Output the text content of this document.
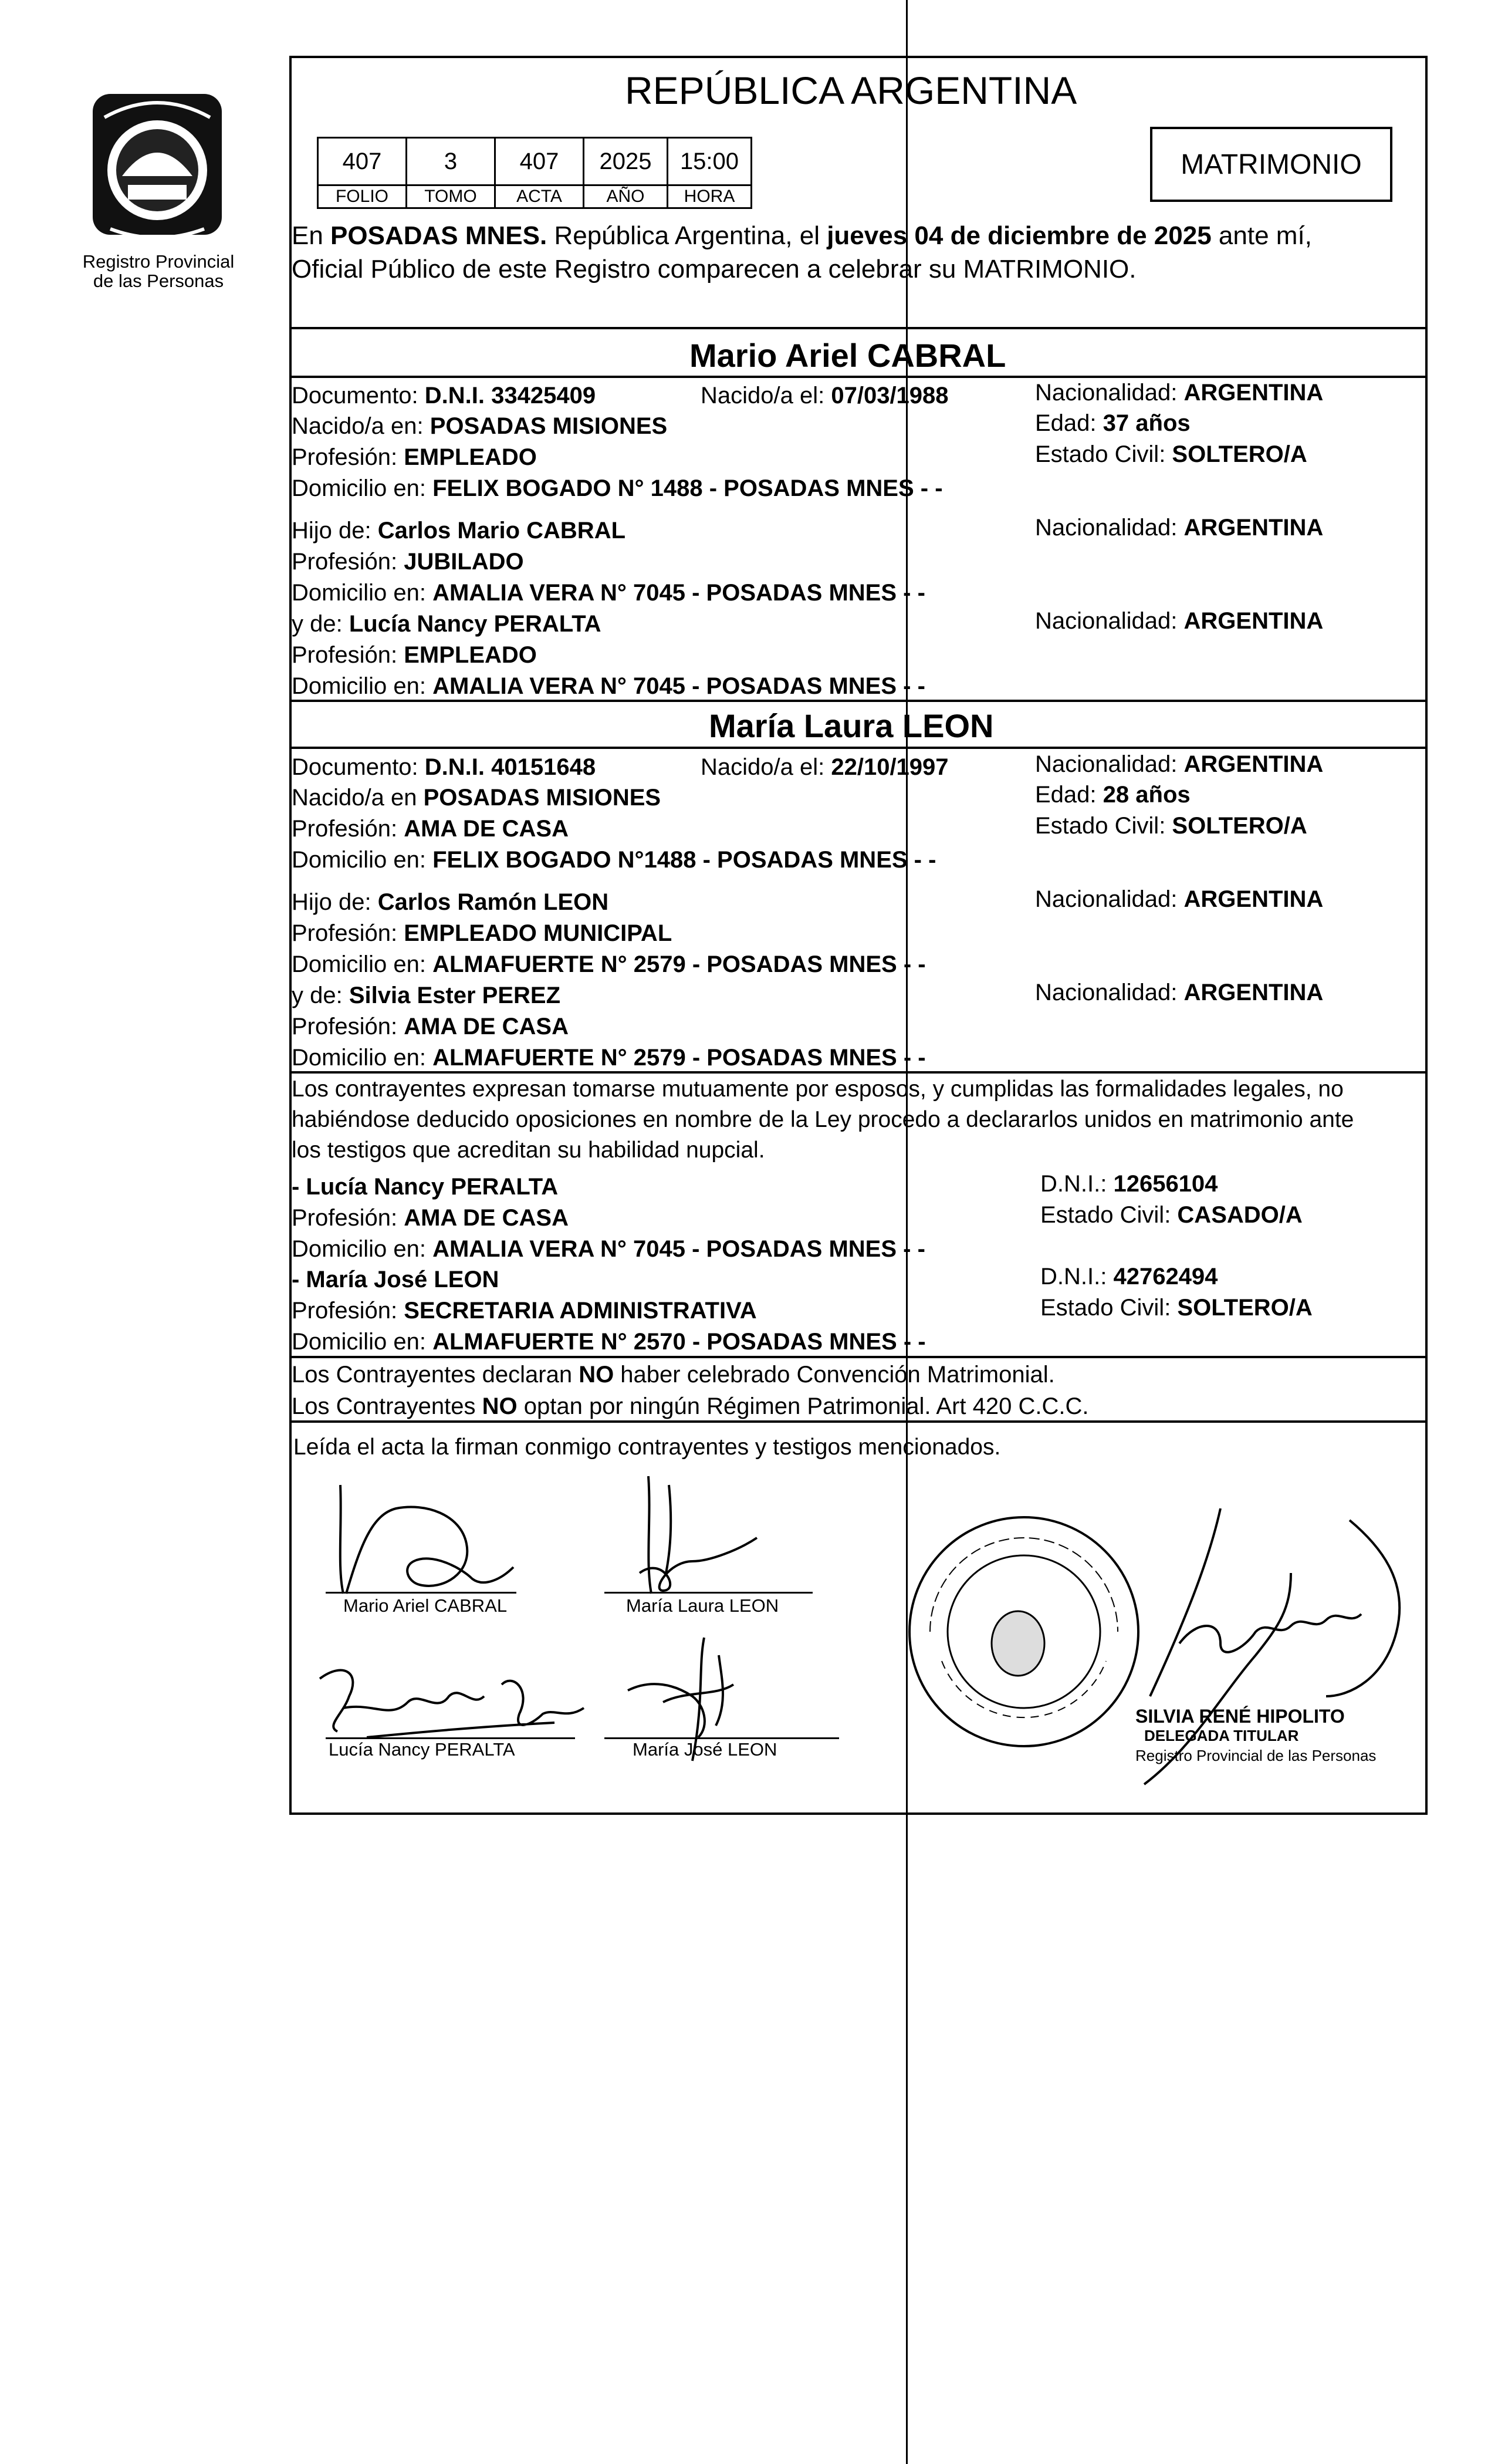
Registro Provincial
de las Personas
REPÚBLICA ARGENTINA
407	3	407	2025	15:00
FOLIO	TOMO	ACTA	AÑO	HORA
MATRIMONIO
En POSADAS MNES. República Argentina, el jueves 04 de diciembre de 2025 ante mí,
Oficial Público de este Registro comparecen a celebrar su MATRIMONIO.
Mario Ariel CABRAL
Documento: D.N.I. 33425409	Nacido/a el: 07/03/1988	Nacionalidad: ARGENTINA
Nacido/a en: POSADAS MISIONES	Edad: 37 años
Profesión: EMPLEADO	Estado Civil: SOLTERO/A
Domicilio en: FELIX BOGADO N° 1488 - POSADAS MNES - -
Hijo de: Carlos Mario CABRAL	Nacionalidad: ARGENTINA
Profesión: JUBILADO
Domicilio en: AMALIA VERA N° 7045 - POSADAS MNES - -
y de: Lucía Nancy PERALTA	Nacionalidad: ARGENTINA
Profesión: EMPLEADO
Domicilio en: AMALIA VERA N° 7045 - POSADAS MNES - -
María Laura LEON
Documento: D.N.I. 40151648	Nacido/a el: 22/10/1997	Nacionalidad: ARGENTINA
Nacido/a en POSADAS MISIONES	Edad: 28 años
Profesión: AMA DE CASA	Estado Civil: SOLTERO/A
Domicilio en: FELIX BOGADO N°1488 - POSADAS MNES - -
Hijo de: Carlos Ramón LEON	Nacionalidad: ARGENTINA
Profesión: EMPLEADO MUNICIPAL
Domicilio en: ALMAFUERTE N° 2579 - POSADAS MNES - -
y de: Silvia Ester PEREZ	Nacionalidad: ARGENTINA
Profesión: AMA DE CASA
Domicilio en: ALMAFUERTE N° 2579 - POSADAS MNES - -
Los contrayentes expresan tomarse mutuamente por esposos, y cumplidas las formalidades legales, no
habiéndose deducido oposiciones en nombre de la Ley procedo a declararlos unidos en matrimonio ante
los testigos que acreditan su habilidad nupcial.
- Lucía Nancy PERALTA	D.N.I.: 12656104
Profesión: AMA DE CASA	Estado Civil: CASADO/A
Domicilio en: AMALIA VERA N° 7045 - POSADAS MNES - -
- María José LEON	D.N.I.: 42762494
Profesión: SECRETARIA ADMINISTRATIVA	Estado Civil: SOLTERO/A
Domicilio en: ALMAFUERTE N° 2570 - POSADAS MNES - -
Los Contrayentes declaran NO haber celebrado Convención Matrimonial.
Los Contrayentes NO optan por ningún Régimen Patrimonial. Art 420 C.C.C.
Leída el acta la firman conmigo contrayentes y testigos mencionados.
Mario Ariel CABRAL	María Laura LEON
Lucía Nancy PERALTA	María José LEON
SILVIA RENÉ HIPOLITO
DELEGADA TITULAR
Registro Provincial de las Personas
